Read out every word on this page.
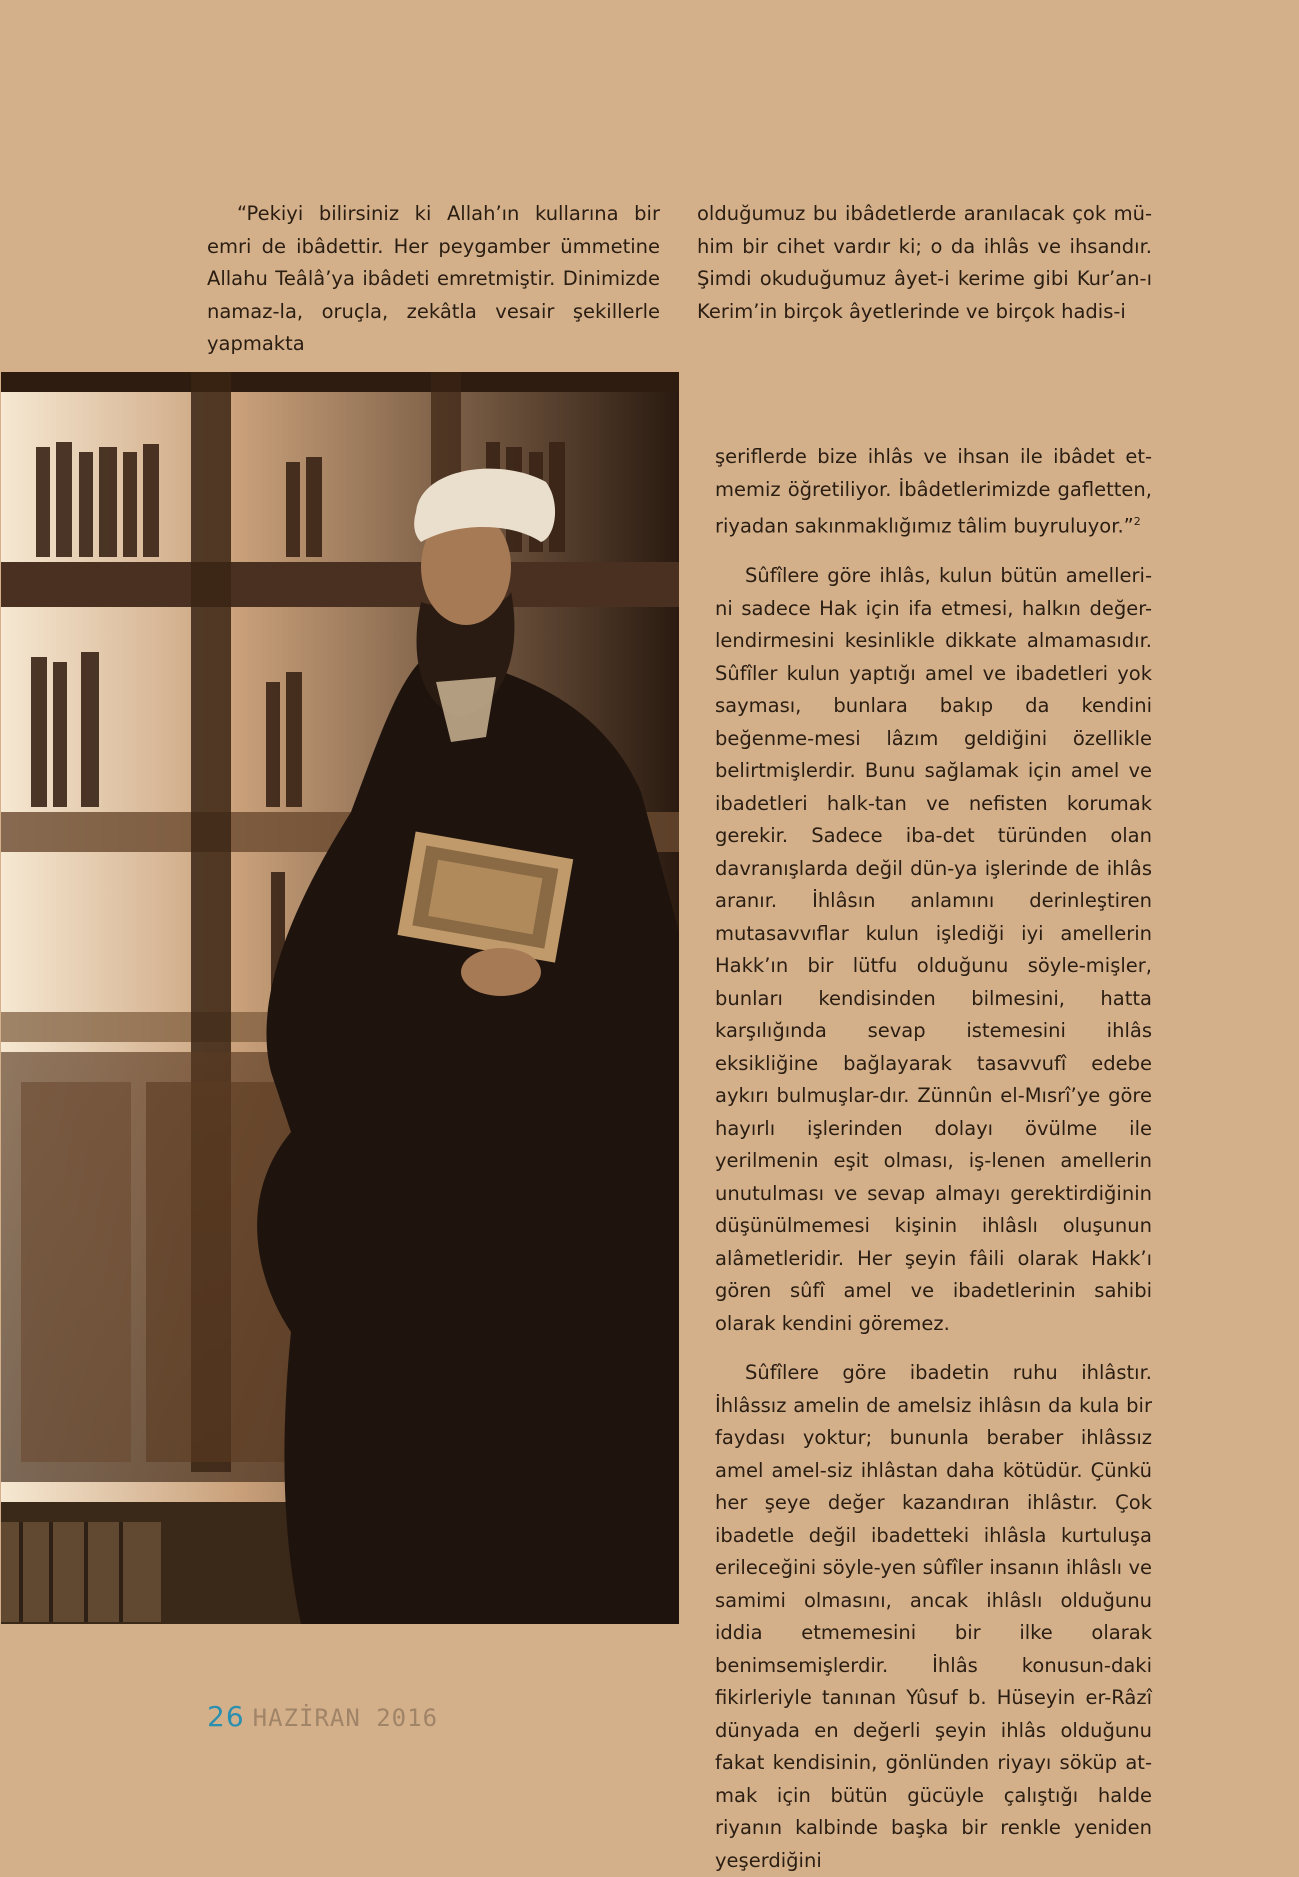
“Pekiyi bilirsiniz ki Allah’ın kullarına bir emri de ibâdettir. Her peygamber ümmetine Allahu Teâlâ’ya ibâdeti emretmiştir. Dinimizde namaz-la, oruçla, zekâtla vesair şekillerle yapmakta

olduğumuz bu ibâdetlerde aranılacak çok mü-him bir cihet vardır ki; o da ihlâs ve ihsandır. Şimdi okuduğumuz âyet-i kerime gibi Kur’an-ı Kerim’in birçok âyetlerinde ve birçok hadis-i

şeriflerde bize ihlâs ve ihsan ile ibâdet et-memiz öğretiliyor. İbâdetlerimizde gafletten, riyadan sakınmaklığımız tâlim buyruluyor.”$^2$

Sûfîlere göre ihlâs, kulun bütün amelleri-ni sadece Hak için ifa etmesi, halkın değer-lendirmesini kesinlikle dikkate almamasıdır. Sûfîler kulun yaptığı amel ve ibadetleri yok sayması, bunlara bakıp da kendini beğenme-mesi lâzım geldiğini özellikle belirtmişlerdir. Bunu sağlamak için amel ve ibadetleri halk-tan ve nefisten korumak gerekir. Sadece iba-det türünden olan davranışlarda değil dün-ya işlerinde de ihlâs aranır. İhlâsın anlamını derinleştiren mutasavvıflar kulun işlediği iyi amellerin Hakk’ın bir lütfu olduğunu söyle-mişler, bunları kendisinden bilmesini, hatta karşılığında sevap istemesini ihlâs eksikliğine bağlayarak tasavvufî edebe aykırı bulmuşlar-dır. Zünnûn el-Mısrî’ye göre hayırlı işlerinden dolayı övülme ile yerilmenin eşit olması, iş-lenen amellerin unutulması ve sevap almayı gerektirdiğinin düşünülmemesi kişinin ihlâslı oluşunun alâmetleridir. Her şeyin fâili olarak Hakk’ı gören sûfî amel ve ibadetlerinin sahibi olarak kendini göremez.

Sûfîlere göre ibadetin ruhu ihlâstır. İhlâssız amelin de amelsiz ihlâsın da kula bir faydası yoktur; bununla beraber ihlâssız amel amel-siz ihlâstan daha kötüdür. Çünkü her şeye değer kazandıran ihlâstır. Çok ibadetle değil ibadetteki ihlâsla kurtuluşa erileceğini söyle-yen sûfîler insanın ihlâslı ve samimi olmasını, ancak ihlâslı olduğunu iddia etmemesini bir ilke olarak benimsemişlerdir. İhlâs konusun-daki fikirleriyle tanınan Yûsuf b. Hüseyin er-Râzî dünyada en değerli şeyin ihlâs olduğunu fakat kendisinin, gönlünden riyayı söküp at-mak için bütün gücüyle çalıştığı halde riyanın kalbinde başka bir renkle yeniden yeşerdiğini

26 HAZİRAN 2016
